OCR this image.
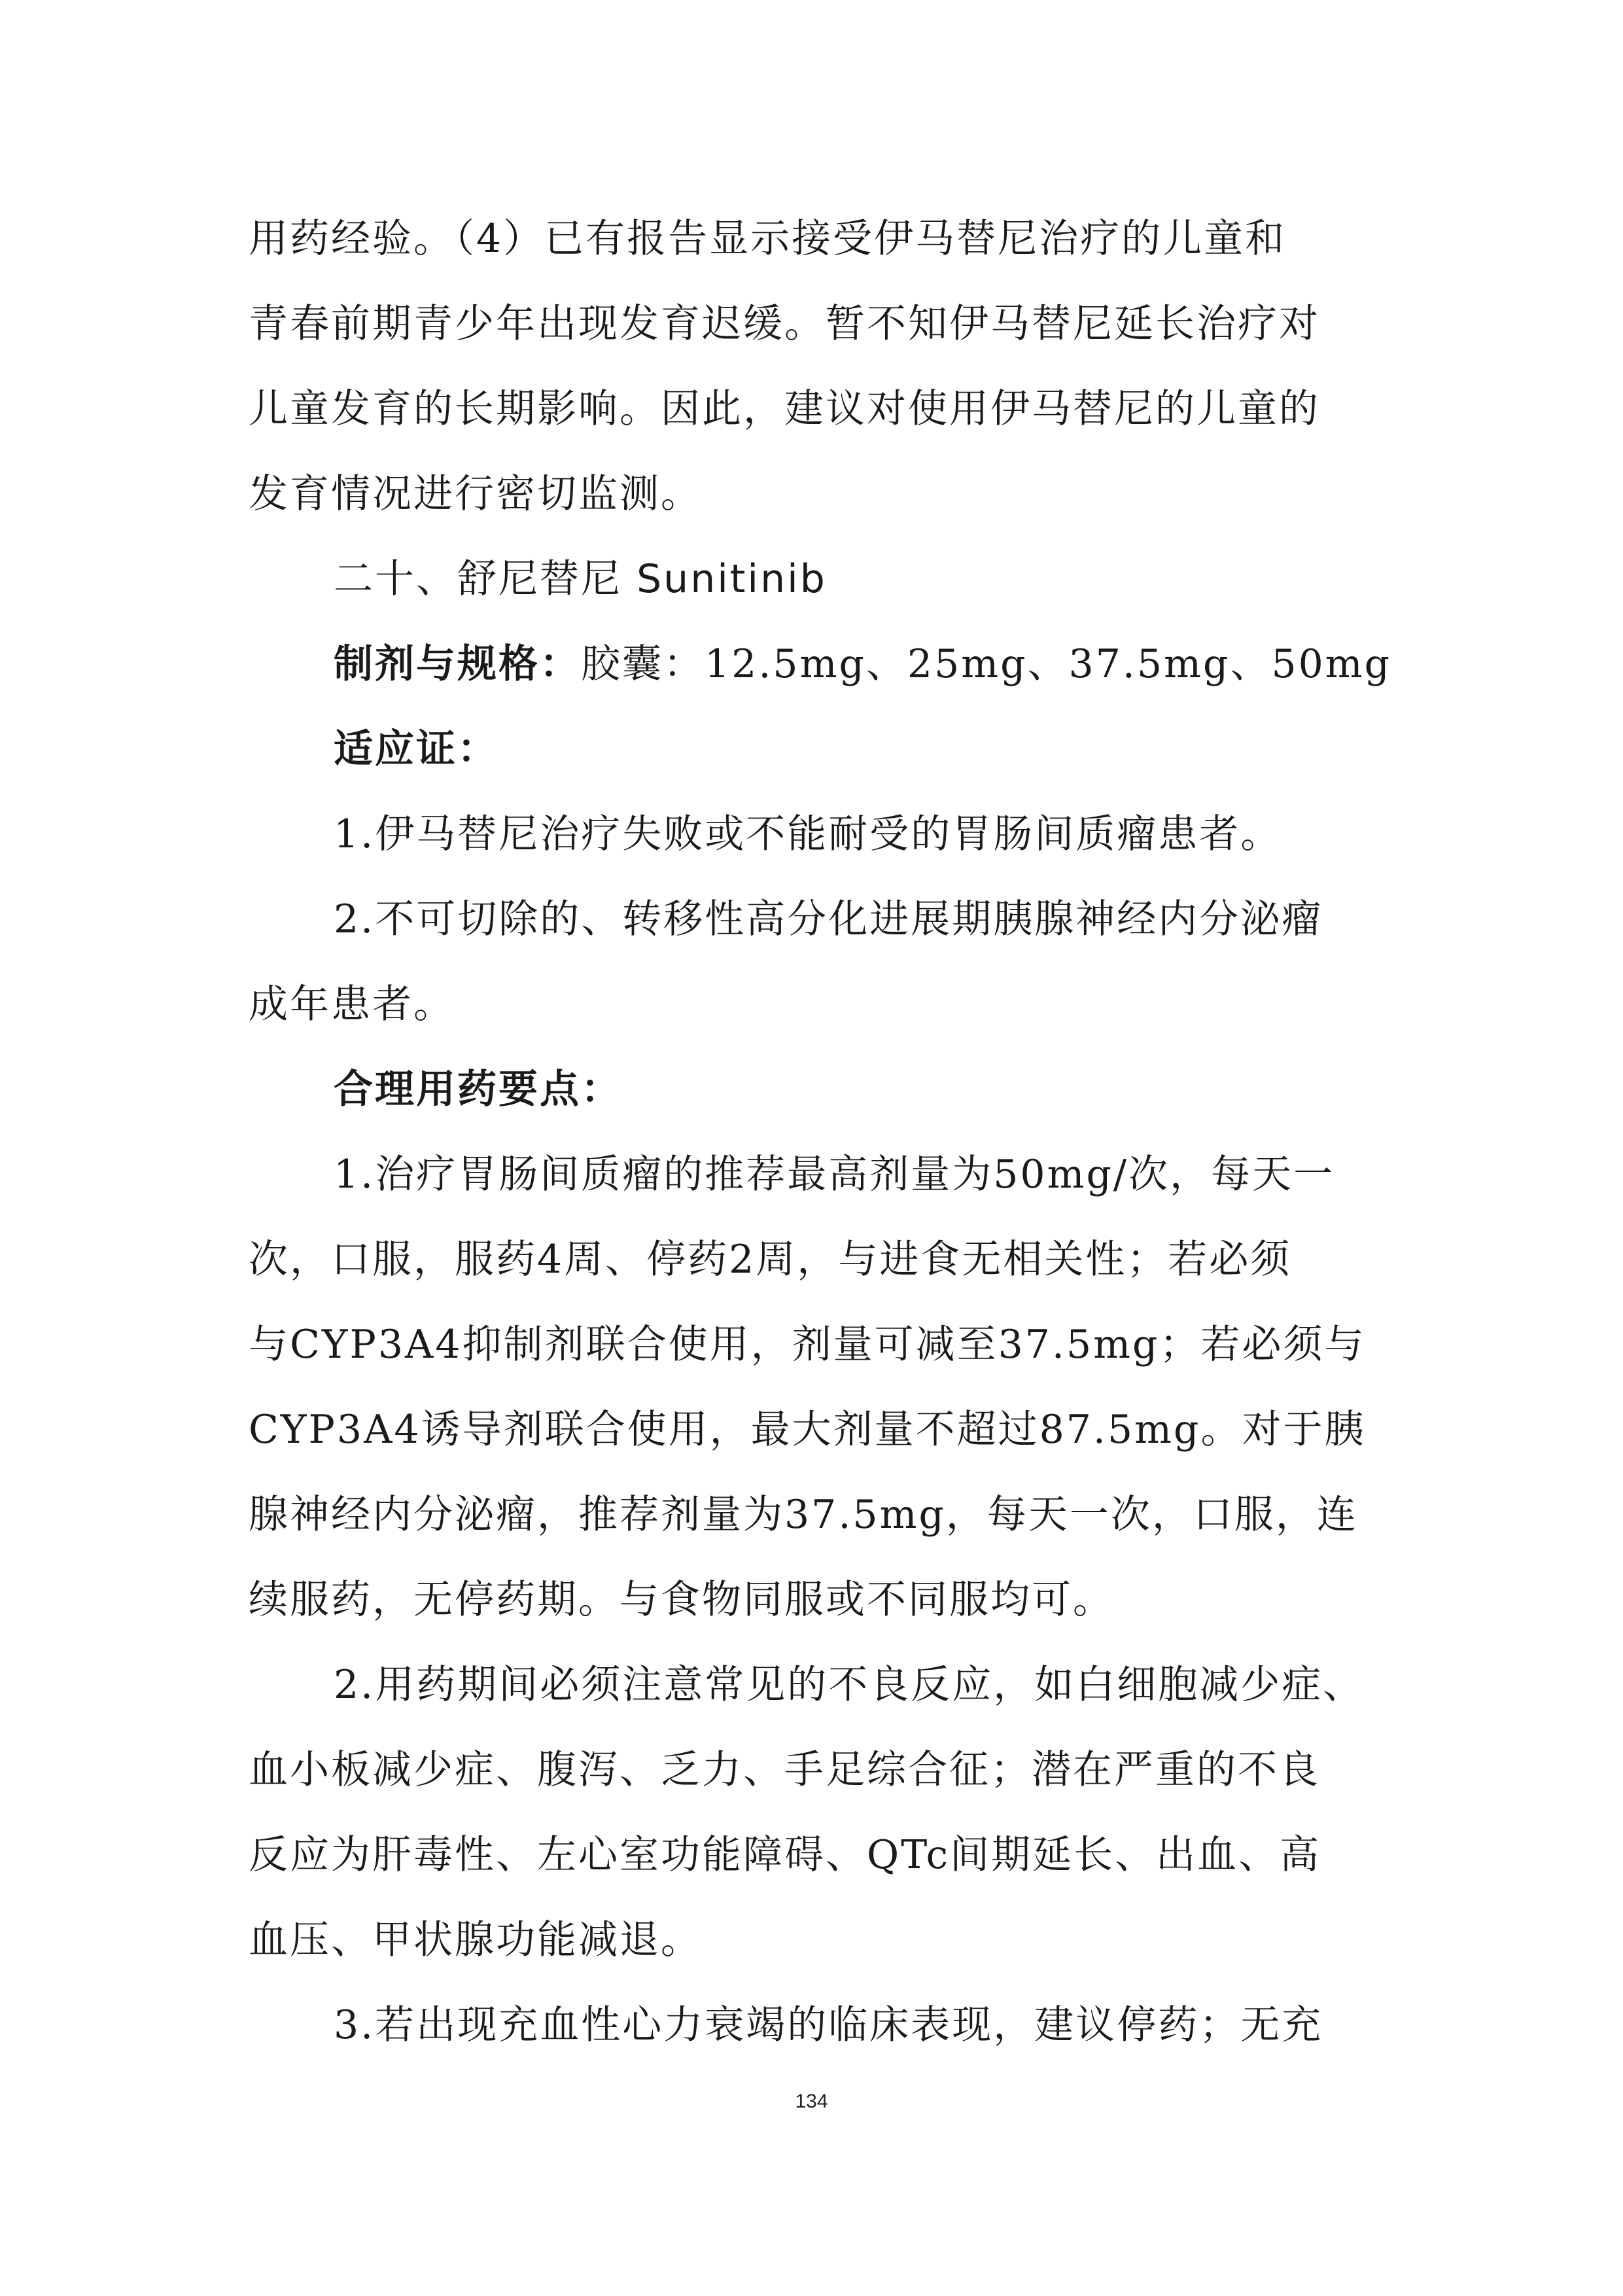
用药经验。（4）已有报告显示接受伊马替尼治疗的儿童和

青春前期青少年出现发育迟缓。暂不知伊马替尼延长治疗对

儿童发育的长期影响。因此，建议对使用伊马替尼的儿童的

发育情况进行密切监测。

二十、舒尼替尼 Sunitinib

制剂与规格：胶囊：12.5mg、25mg、37.5mg、50mg

适应证：

1.伊马替尼治疗失败或不能耐受的胃肠间质瘤患者。

2.不可切除的、转移性高分化进展期胰腺神经内分泌瘤

成年患者。

合理用药要点：

1.治疗胃肠间质瘤的推荐最高剂量为50mg/次，每天一

次，口服，服药4周、停药2周，与进食无相关性；若必须

与CYP3A4抑制剂联合使用，剂量可减至37.5mg；若必须与

CYP3A4诱导剂联合使用，最大剂量不超过87.5mg。对于胰

腺神经内分泌瘤，推荐剂量为37.5mg，每天一次，口服，连

续服药，无停药期。与食物同服或不同服均可。

2.用药期间必须注意常见的不良反应，如白细胞减少症、

血小板减少症、腹泻、乏力、手足综合征；潜在严重的不良

反应为肝毒性、左心室功能障碍、QTc间期延长、出血、高

血压、甲状腺功能减退。

3.若出现充血性心力衰竭的临床表现，建议停药；无充

134
